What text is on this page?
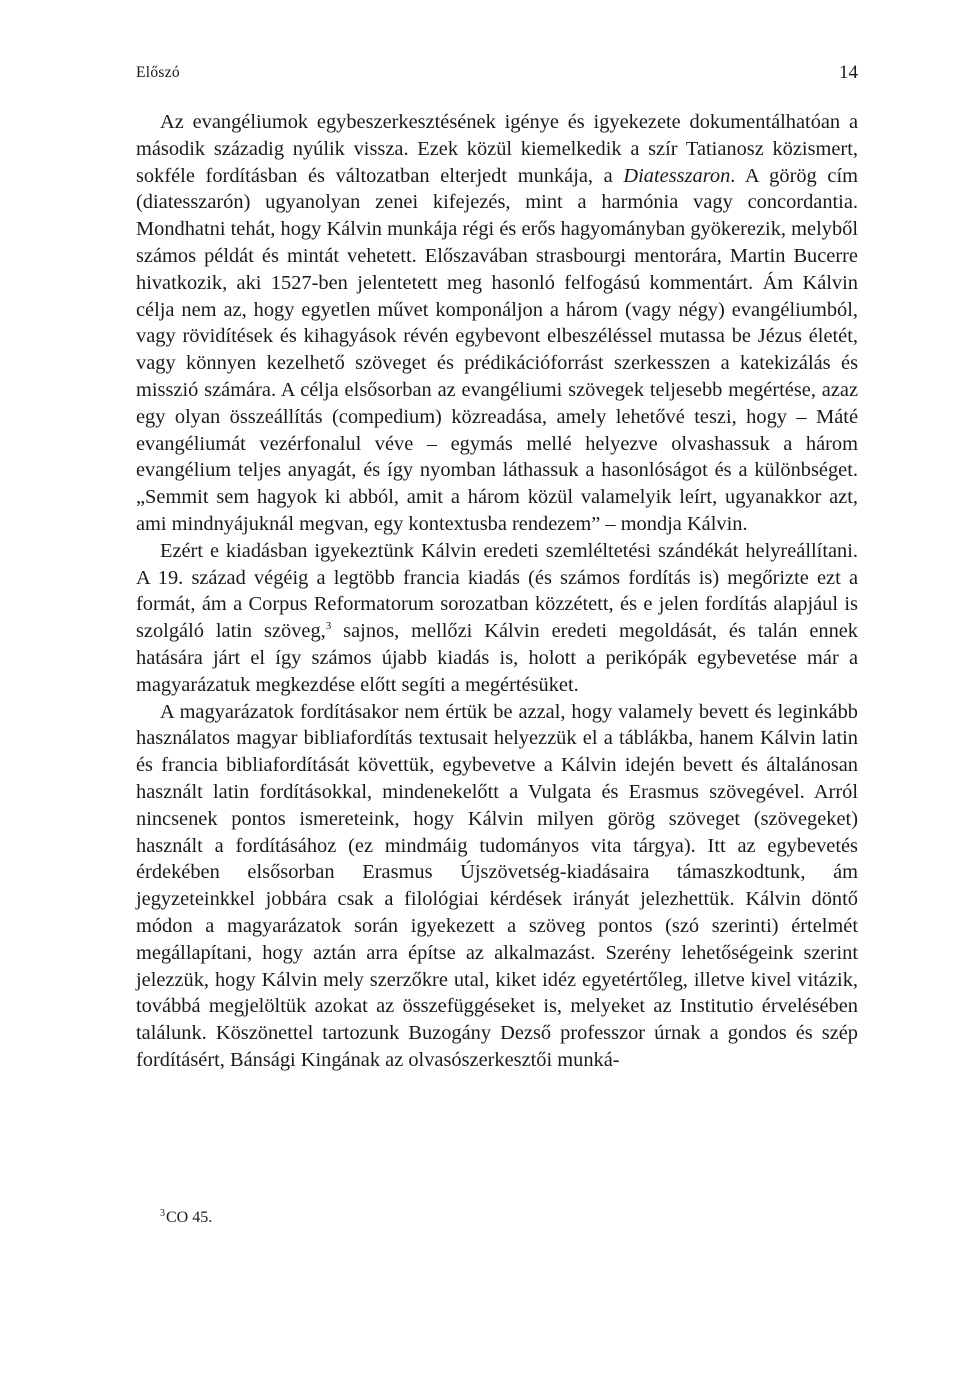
Előszó	14

Az evangéliumok egybeszerkesztésének igénye és igyekezete dokumentálhatóan a második századig nyúlik vissza. Ezek közül kiemelkedik a szír Tatianosz közismert, sokféle fordításban és változatban elterjedt munkája, a Diatesszaron. A görög cím (diatesszarón) ugyanolyan zenei kifejezés, mint a harmónia vagy concordantia. Mondhatni tehát, hogy Kálvin munkája régi és erős hagyományban gyökerezik, melyből számos példát és mintát vehetett. Előszavában strasbourgi mentorára, Martin Bucerre hivatkozik, aki 1527-ben jelentetett meg hasonló felfogású kommentárt. Ám Kálvin célja nem az, hogy egyetlen művet komponáljon a három (vagy négy) evangéliumból, vagy rövidítések és kihagyások révén egybevont elbeszéléssel mutassa be Jézus életét, vagy könnyen kezelhető szöveget és prédikációforrást szerkesszen a katekizálás és misszió számára. A célja elsősorban az evangéliumi szövegek teljesebb megértése, azaz egy olyan összeállítás (compedium) közreadása, amely lehetővé teszi, hogy – Máté evangéliumát vezérfonalul véve – egymás mellé helyezve olvashassuk a három evangélium teljes anyagát, és így nyomban láthassuk a hasonlóságot és a különbséget. „Semmit sem hagyok ki abból, amit a három közül valamelyik leírt, ugyanakkor azt, ami mindnyájuknál megvan, egy kontextusba rendezem” – mondja Kálvin.

Ezért e kiadásban igyekeztünk Kálvin eredeti szemléltetési szándékát helyreállítani. A 19. század végéig a legtöbb francia kiadás (és számos fordítás is) megőrizte ezt a formát, ám a Corpus Reformatorum sorozatban közzétett, és e jelen fordítás alapjául is szolgáló latin szöveg,$^3$ sajnos, mellőzi Kálvin eredeti megoldását, és talán ennek hatására járt el így számos újabb kiadás is, holott a perikópák egybevetése már a magyarázatuk megkezdése előtt segíti a megértésüket.

A magyarázatok fordításakor nem értük be azzal, hogy valamely bevett és leginkább használatos magyar bibliafordítás textusait helyezzük el a táblákba, hanem Kálvin latin és francia bibliafordítását követtük, egybevetve a Kálvin idején bevett és általánosan használt latin fordításokkal, mindenekelőtt a Vulgata és Erasmus szövegével. Arról nincsenek pontos ismereteink, hogy Kálvin milyen görög szöveget (szövegeket) használt a fordításához (ez mindmáig tudományos vita tárgya). Itt az egybevetés érdekében elsősorban Erasmus Újszövetség-kiadásaira támaszkodtunk, ám jegyzeteinkkel jobbára csak a filológiai kérdések irányát jelezhettük. Kálvin döntő módon a magyarázatok során igyekezett a szöveg pontos (szó szerinti) értelmét megállapítani, hogy aztán arra építse az alkalmazást. Szerény lehetőségeink szerint jelezzük, hogy Kálvin mely szerzőkre utal, kiket idéz egyetértőleg, illetve kivel vitázik, továbbá megjelöltük azokat az összefüggéseket is, melyeket az Institutio érvelésében találunk. Köszönettel tartozunk Buzogány Dezső professzor úrnak a gondos és szép fordításért, Bánsági Kingának az olvasószerkesztői munká-

$^3$CO 45.
